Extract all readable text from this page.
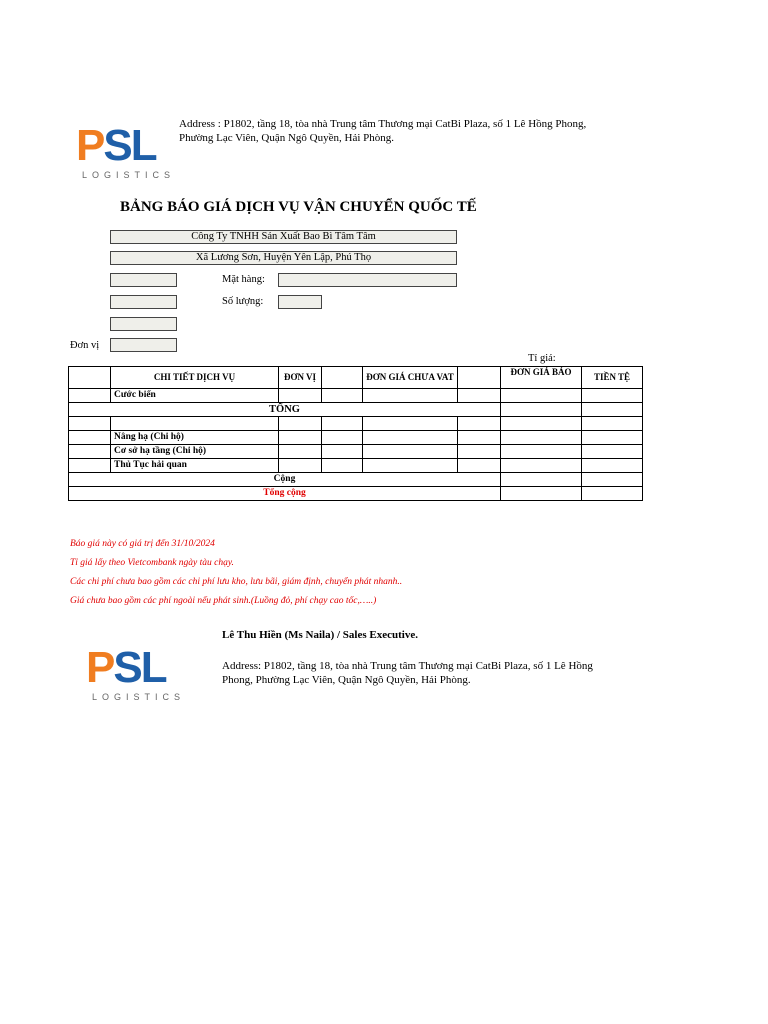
PSL
LOGISTICS
Address : P1802, tầng 18, tòa nhà Trung tâm Thương mại CatBi Plaza, số 1 Lê Hồng Phong,
Phường Lạc Viên, Quận Ngô Quyền, Hải Phòng.
BẢNG BÁO GIÁ DỊCH VỤ VẬN CHUYỂN QUỐC TẾ
Công Ty TNHH Sản Xuất Bao Bì Tâm Tâm
Xã Lương Sơn, Huyện Yên Lập, Phú Thọ
Mặt hàng:
Số lượng:
Đơn vị
Tỉ giá:
	CHI TIẾT DỊCH VỤ	ĐƠN VỊ		ĐƠN GIÁ CHƯA VAT		ĐƠN GIÁ BÁO	TIỀN TỆ
	Cước biển						
TỔNG							

	Nâng hạ (Chi hộ)						
	Cơ sở hạ tầng (Chi hộ)						
	Thủ Tục hải quan						
Cộng							
Tổng cộng							
Báo giá này có giá trị đến 31/10/2024
Tỉ giá lấy theo Vietcombank ngày tàu chạy.
Các chi phí chưa bao gồm các chi phí lưu kho, lưu bãi, giám định, chuyển phát nhanh..
Giá chưa bao gồm các phí ngoài nếu phát sinh.(Luồng đỏ, phí chạy cao tốc,…..)
PSL
LOGISTICS
Lê Thu Hiền (Ms Naila) / Sales Executive.
Address: P1802, tầng 18, tòa nhà Trung tâm Thương mại CatBi Plaza, số 1 Lê Hồng
Phong, Phường Lạc Viên, Quận Ngô Quyền, Hải Phòng.
